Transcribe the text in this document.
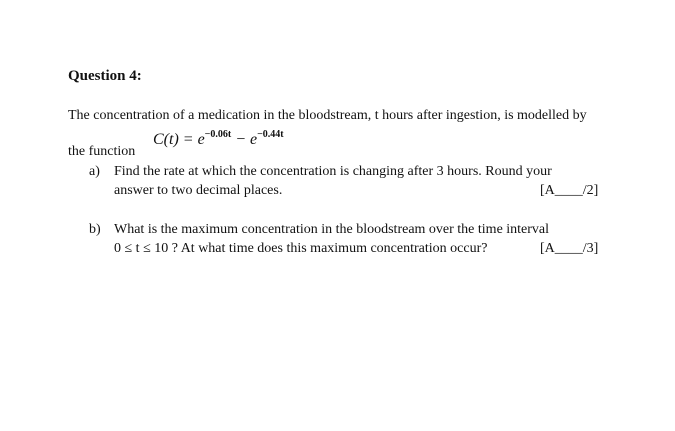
Question 4:
The concentration of a medication in the bloodstream, t hours after ingestion, is modelled by
the function
$C(t) = e^{-0.06t} - e^{-0.44t}$
a) Find the rate at which the concentration is changing after 3 hours. Round your
answer to two decimal places.	[A____/2]
b) What is the maximum concentration in the bloodstream over the time interval
0 ≤ t ≤ 10 ? At what time does this maximum concentration occur?	[A____/3]
